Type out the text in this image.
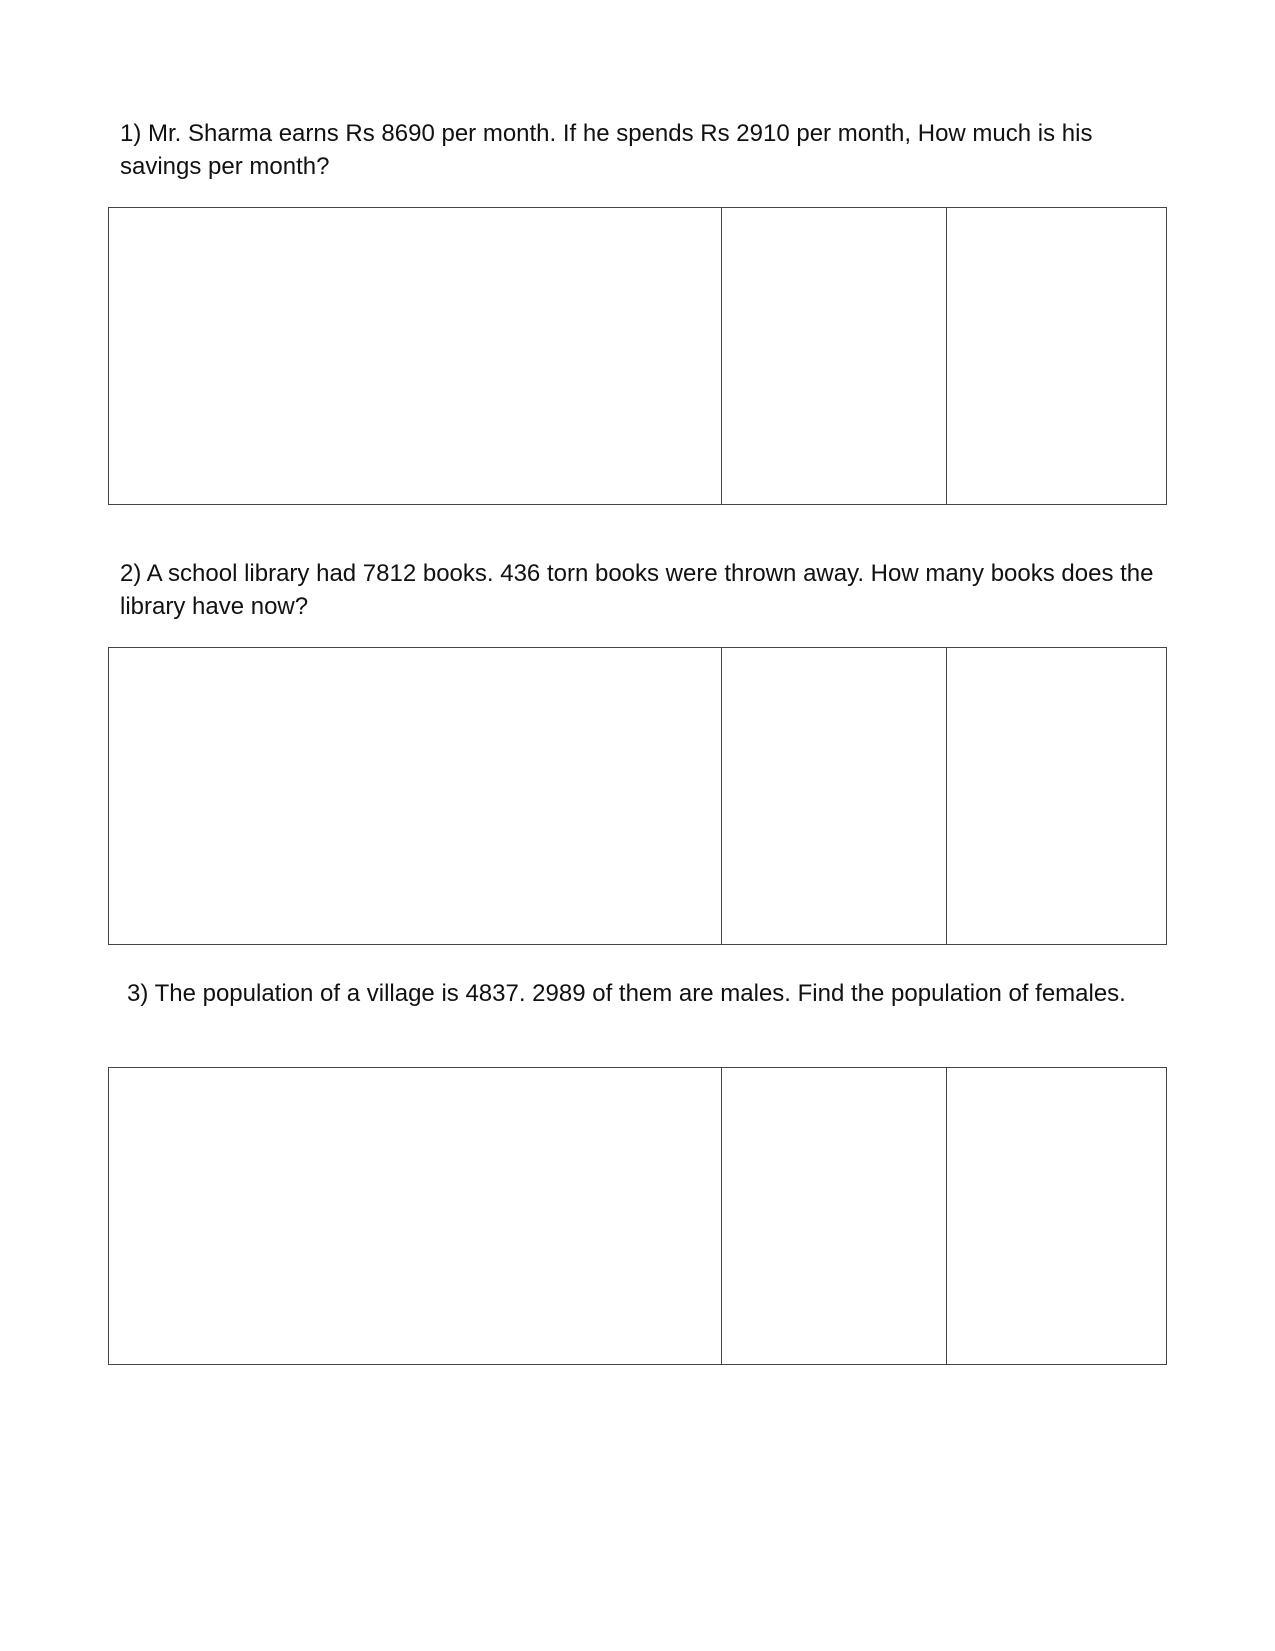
1) Mr. Sharma earns Rs 8690 per month. If he spends Rs 2910 per month, How much is his savings per month?

2) A school library had 7812 books. 436 torn books were thrown away. How many books does the library have now?

3) The population of a village is 4837. 2989 of them are males. Find the population of females.
